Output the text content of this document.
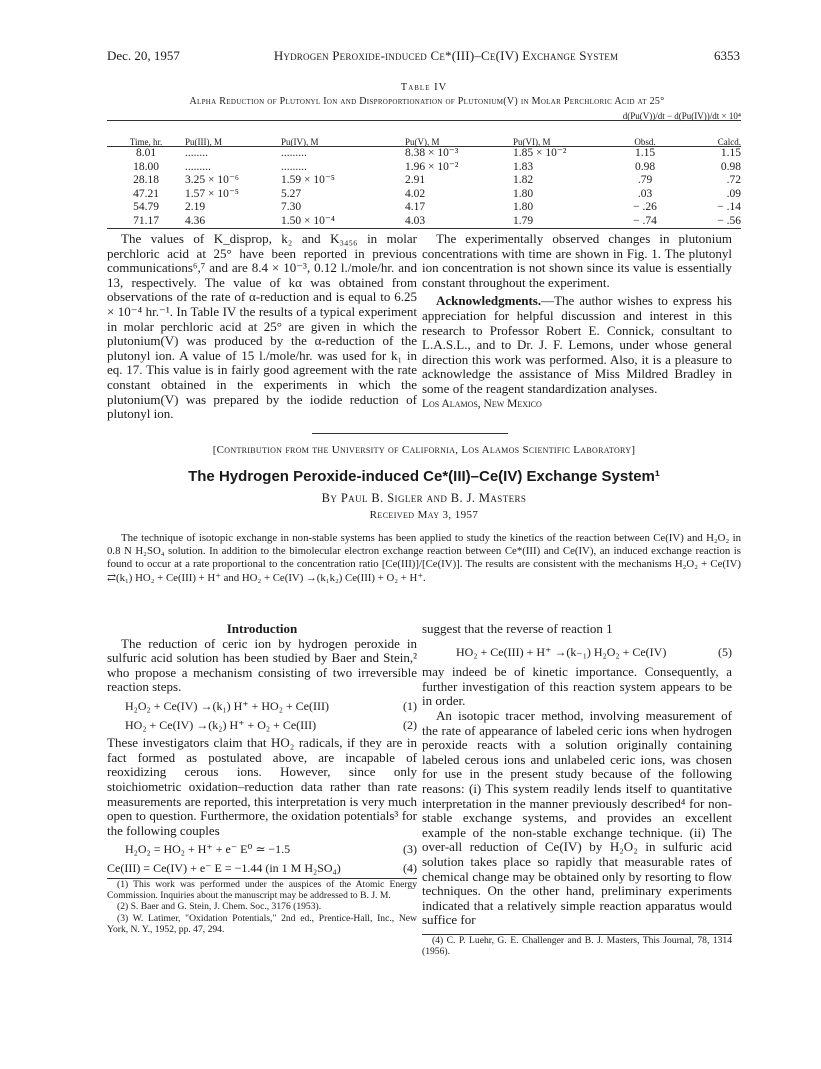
Dec. 20, 1957	Hydrogen Peroxide-induced Ce*(III)–Ce(IV) Exchange System	6353
Table IV
Alpha Reduction of Plutonyl Ion and Disproportionation of Plutonium(V) in Molar Perchloric Acid at 25°
					d(Pu(V))/dt − d(Pu(IV))/dt × 10⁴	
Time, hr.	Pu(III), M	Pu(IV), M	Pu(V), M	Pu(VI), M	Obsd.	Calcd.
8.01	........	.........	8.38 × 10⁻³	1.85 × 10⁻²	1.15	1.15
18.00	.........	.........	1.96 × 10⁻²	1.83	0.98	0.98
28.18	3.25 × 10⁻⁶	1.59 × 10⁻⁵	2.91	1.82	.79	.72
47.21	1.57 × 10⁻⁵	5.27	4.02	1.80	.03	.09
54.79	2.19	7.30	4.17	1.80	− .26	− .14
71.17	4.36	1.50 × 10⁻⁴	4.03	1.79	− .74	− .56

The values of K_disprop, k₂ and K₃₄₅₆ in molar perchloric acid at 25° have been reported in previous communications⁶,⁷ and are 8.4 × 10⁻³, 0.12 l./mole/hr. and 13, respectively. The value of kα was obtained from observations of the rate of α-reduction and is equal to 6.25 × 10⁻⁴ hr.⁻¹. In Table IV the results of a typical experiment in molar perchloric acid at 25° are given in which the plutonium(V) was produced by the α-reduction of the plutonyl ion. A value of 15 l./mole/hr. was used for k₁ in eq. 17. This value is in fairly good agreement with the rate constant obtained in the experiments in which the plutonium(V) was prepared by the iodide reduction of plutonyl ion.

The experimentally observed changes in plutonium concentrations with time are shown in Fig. 1. The plutonyl ion concentration is not shown since its value is essentially constant throughout the experiment.

Acknowledgments.—The author wishes to express his appreciation for helpful discussion and interest in this research to Professor Robert E. Connick, consultant to L.A.S.L., and to Dr. J. F. Lemons, under whose general direction this work was performed. Also, it is a pleasure to acknowledge the assistance of Miss Mildred Bradley in some of the reagent standardization analyses.

Los Alamos, New Mexico

[Contribution from the University of California, Los Alamos Scientific Laboratory]
The Hydrogen Peroxide-induced Ce*(III)–Ce(IV) Exchange System¹
By Paul B. Sigler and B. J. Masters
Received May 3, 1957

The technique of isotopic exchange in non-stable systems has been applied to study the kinetics of the reaction between Ce(IV) and H₂O₂ in 0.8 N H₂SO₄ solution. In addition to the bimolecular electron exchange reaction between Ce*(III) and Ce(IV), an induced exchange reaction is found to occur at a rate proportional to the concentration ratio [Ce(III)]/[Ce(IV)]. The results are consistent with the mechanisms H₂O₂ + Ce(IV) ⇄(k₁) HO₂ + Ce(III) + H⁺ and HO₂ + Ce(IV) →(k₁k₂) Ce(III) + O₂ + H⁺.

Introduction

The reduction of ceric ion by hydrogen peroxide in sulfuric acid solution has been studied by Baer and Stein,² who propose a mechanism consisting of two irreversible reaction steps.

H₂O₂ + Ce(IV) →(k₁) H⁺ + HO₂ + Ce(III)	(1)
HO₂ + Ce(IV) →(k₂) H⁺ + O₂ + Ce(III)	(2)

These investigators claim that HO₂ radicals, if they are in fact formed as postulated above, are incapable of reoxidizing cerous ions. However, since only stoichiometric oxidation–reduction data rather than rate measurements are reported, this interpretation is very much open to question. Furthermore, the oxidation potentials³ for the following couples

H₂O₂ = HO₂ + H⁺ + e⁻ E⁰ ≃ −1.5	(3)
Ce(III) = Ce(IV) + e⁻ E = −1.44 (in 1 M H₂SO₄)	(4)

(1) This work was performed under the auspices of the Atomic Energy Commission. Inquiries about the manuscript may be addressed to B. J. M.

(2) S. Baer and G. Stein, J. Chem. Soc., 3176 (1953).

(3) W. Latimer, "Oxidation Potentials," 2nd ed., Prentice-Hall, Inc., New York, N. Y., 1952, pp. 47, 294.

suggest that the reverse of reaction 1

HO₂ + Ce(III) + H⁺ →(k₋₁) H₂O₂ + Ce(IV)	(5)

may indeed be of kinetic importance. Consequently, a further investigation of this reaction system appears to be in order.

An isotopic tracer method, involving measurement of the rate of appearance of labeled ceric ions when hydrogen peroxide reacts with a solution originally containing labeled cerous ions and unlabeled ceric ions, was chosen for use in the present study because of the following reasons: (i) This system readily lends itself to quantitative interpretation in the manner previously described⁴ for non-stable exchange systems, and provides an excellent example of the non-stable exchange technique. (ii) The over-all reduction of Ce(IV) by H₂O₂ in sulfuric acid solution takes place so rapidly that measurable rates of chemical change may be obtained only by resorting to flow techniques. On the other hand, preliminary experiments indicated that a relatively simple reaction apparatus would suffice for

(4) C. P. Luehr, G. E. Challenger and B. J. Masters, This Journal, 78, 1314 (1956).
